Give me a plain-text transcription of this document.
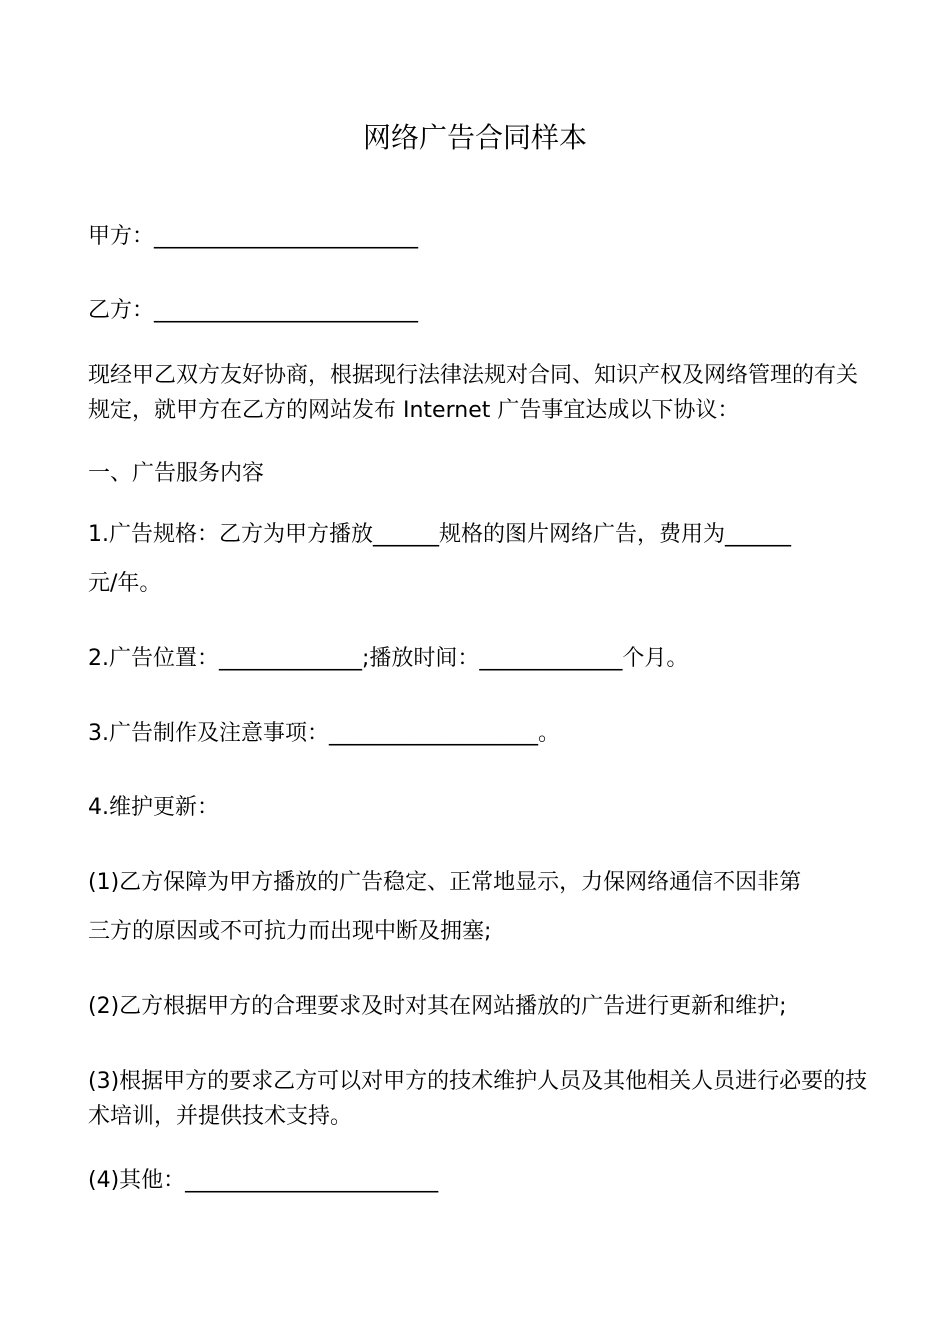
网络广告合同样本
甲方：________________________
乙方：________________________
现经甲乙双方友好协商，根据现行法律法规对合同、知识产权及网络管理的有关规定，就甲方在乙方的网站发布 Internet 广告事宜达成以下协议：
一、广告服务内容
1.广告规格：乙方为甲方播放______规格的图片网络广告，费用为______
元/年。
2.广告位置：_____________;播放时间：_____________个月。
3.广告制作及注意事项：___________________。
4.维护更新：
(1)乙方保障为甲方播放的广告稳定、正常地显示，力保网络通信不因非第
三方的原因或不可抗力而出现中断及拥塞;
(2)乙方根据甲方的合理要求及时对其在网站播放的广告进行更新和维护;
(3)根据甲方的要求乙方可以对甲方的技术维护人员及其他相关人员进行必要的技术培训，并提供技术支持。
(4)其他：_______________________
